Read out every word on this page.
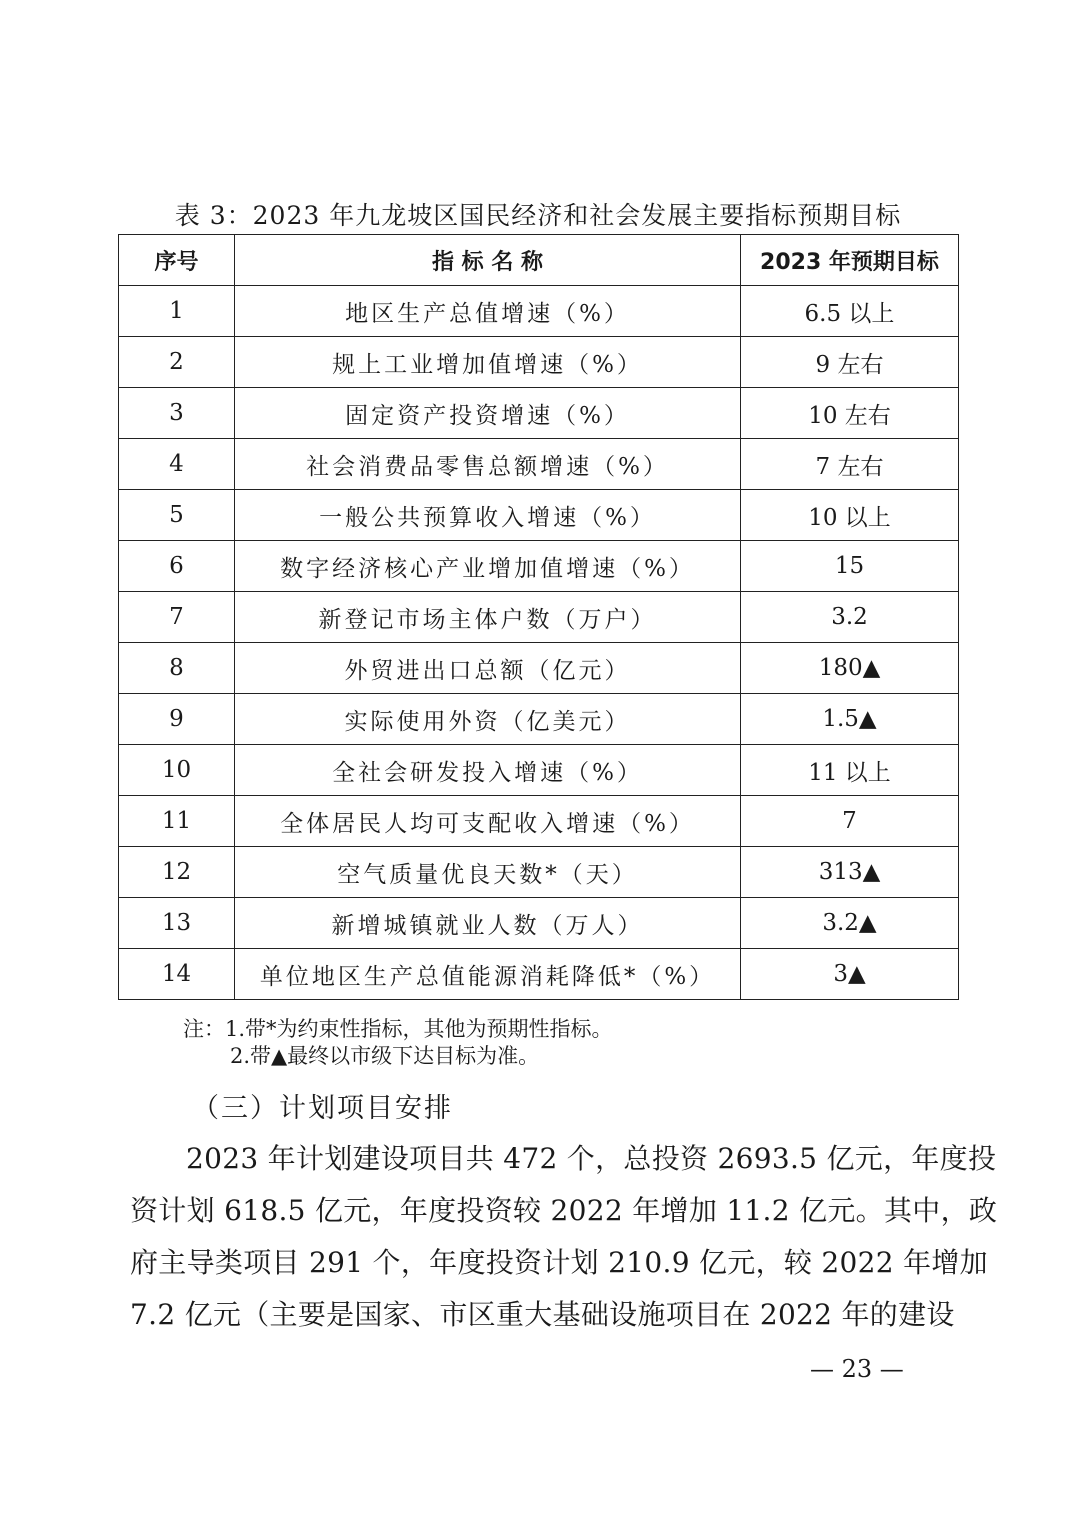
表 3：2023 年九龙坡区国民经济和社会发展主要指标预期目标
序号	指 标 名 称	2023 年预期目标
1	地区生产总值增速（%）	6.5 以上
2	规上工业增加值增速（%）	9 左右
3	固定资产投资增速（%）	10 左右
4	社会消费品零售总额增速（%）	7 左右
5	一般公共预算收入增速（%）	10 以上
6	数字经济核心产业增加值增速（%）	15
7	新登记市场主体户数（万户）	3.2
8	外贸进出口总额（亿元）	180▲
9	实际使用外资（亿美元）	1.5▲
10	全社会研发投入增速（%）	11 以上
11	全体居民人均可支配收入增速（%）	7
12	空气质量优良天数*（天）	313▲
13	新增城镇就业人数（万人）	3.2▲
14	单位地区生产总值能源消耗降低*（%）	3▲
注：1.带*为约束性指标，其他为预期性指标。
2.带▲最终以市级下达目标为准。
（三）计划项目安排
2023 年计划建设项目共 472 个，总投资 2693.5 亿元，年度投
资计划 618.5 亿元，年度投资较 2022 年增加 11.2 亿元。其中，政
府主导类项目 291 个，年度投资计划 210.9 亿元，较 2022 年增加
7.2 亿元（主要是国家、市区重大基础设施项目在 2022 年的建设
— 23 —
